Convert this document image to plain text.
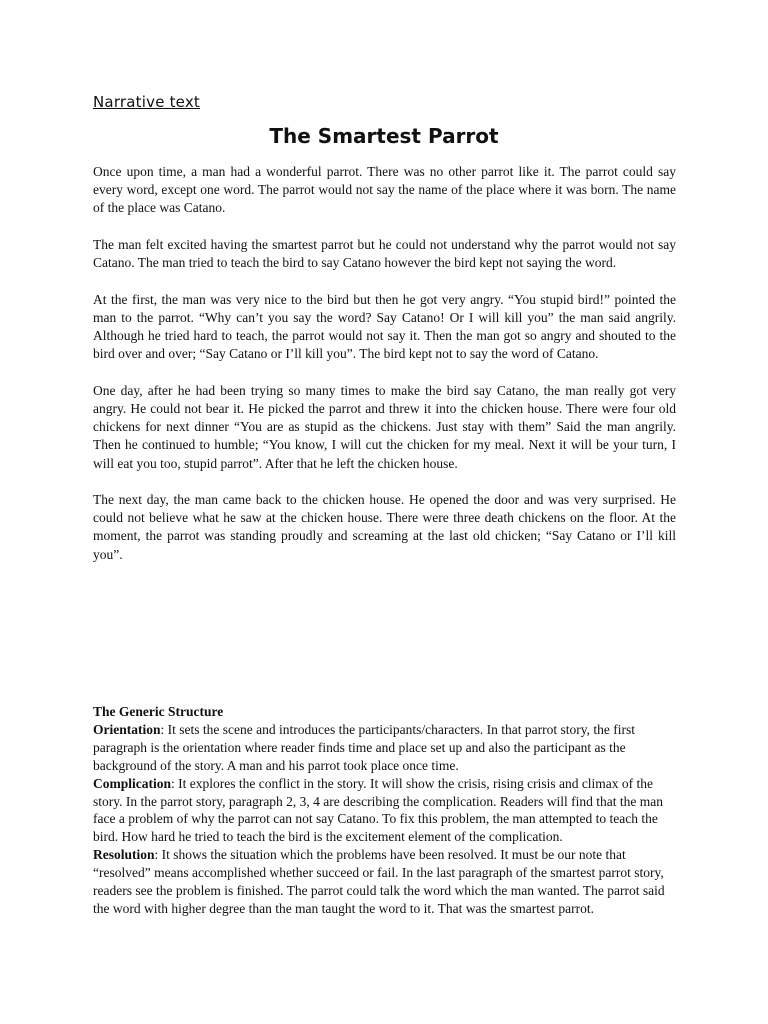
Narrative text
The Smartest Parrot

Once upon time, a man had a wonderful parrot. There was no other parrot like it. The parrot could say every word, except one word. The parrot would not say the name of the place where it was born. The name of the place was Catano.

The man felt excited having the smartest parrot but he could not understand why the parrot would not say Catano. The man tried to teach the bird to say Catano however the bird kept not saying the word.

At the first, the man was very nice to the bird but then he got very angry. “You stupid bird!” pointed the man to the parrot. “Why can’t you say the word? Say Catano! Or I will kill you” the man said angrily. Although he tried hard to teach, the parrot would not say it. Then the man got so angry and shouted to the bird over and over; “Say Catano or I’ll kill you”. The bird kept not to say the word of Catano.

One day, after he had been trying so many times to make the bird say Catano, the man really got very angry. He could not bear it. He picked the parrot and threw it into the chicken house. There were four old chickens for next dinner “You are as stupid as the chickens. Just stay with them” Said the man angrily. Then he continued to humble; “You know, I will cut the chicken for my meal. Next it will be your turn, I will eat you too, stupid parrot”. After that he left the chicken house.

The next day, the man came back to the chicken house. He opened the door and was very surprised. He could not believe what he saw at the chicken house. There were three death chickens on the floor. At the moment, the parrot was standing proudly and screaming at the last old chicken; “Say Catano or I’ll kill you”.

The Generic Structure

Orientation: It sets the scene and introduces the participants/characters. In that parrot story, the first paragraph is the orientation where reader finds time and place set up and also the participant as the background of the story. A man and his parrot took place once time.

Complication: It explores the conflict in the story. It will show the crisis, rising crisis and climax of the story. In the parrot story, paragraph 2, 3, 4 are describing the complication. Readers will find that the man face a problem of why the parrot can not say Catano. To fix this problem, the man attempted to teach the bird. How hard he tried to teach the bird is the excitement element of the complication.

Resolution: It shows the situation which the problems have been resolved. It must be our note that “resolved” means accomplished whether succeed or fail. In the last paragraph of the smartest parrot story, readers see the problem is finished. The parrot could talk the word which the man wanted. The parrot said the word with higher degree than the man taught the word to it. That was the smartest parrot.
